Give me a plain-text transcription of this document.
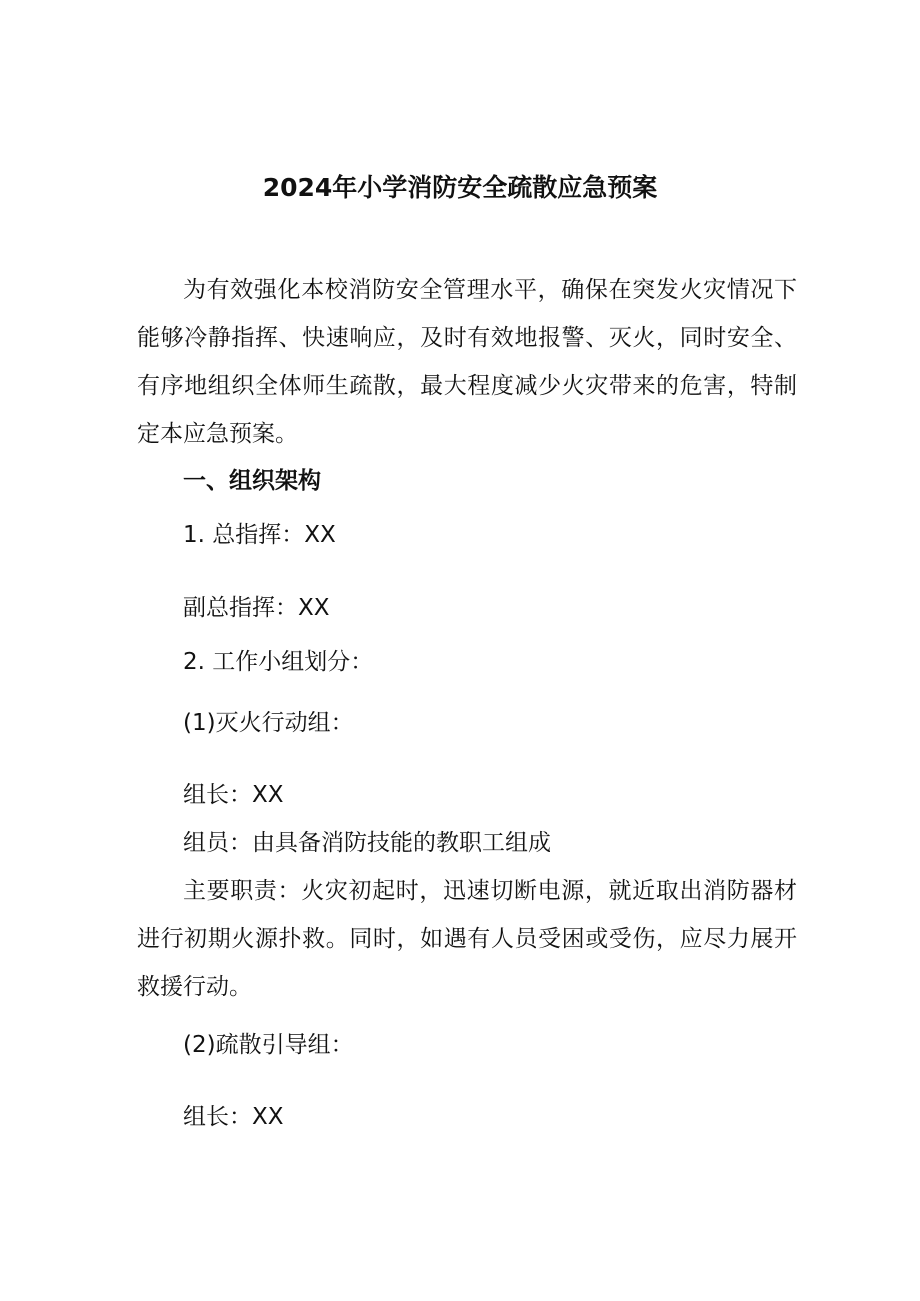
2024年小学消防安全疏散应急预案

为有效强化本校消防安全管理水平，确保在突发火灾情况下能够冷静指挥、快速响应，及时有效地报警、灭火，同时安全、有序地组织全体师生疏散，最大程度减少火灾带来的危害，特制定本应急预案。

一、组织架构

1. 总指挥：XX

副总指挥：XX

2. 工作小组划分：

(1)灭火行动组：

组长：XX

组员：由具备消防技能的教职工组成

主要职责：火灾初起时，迅速切断电源，就近取出消防器材进行初期火源扑救。同时，如遇有人员受困或受伤，应尽力展开救援行动。

(2)疏散引导组：

组长：XX
